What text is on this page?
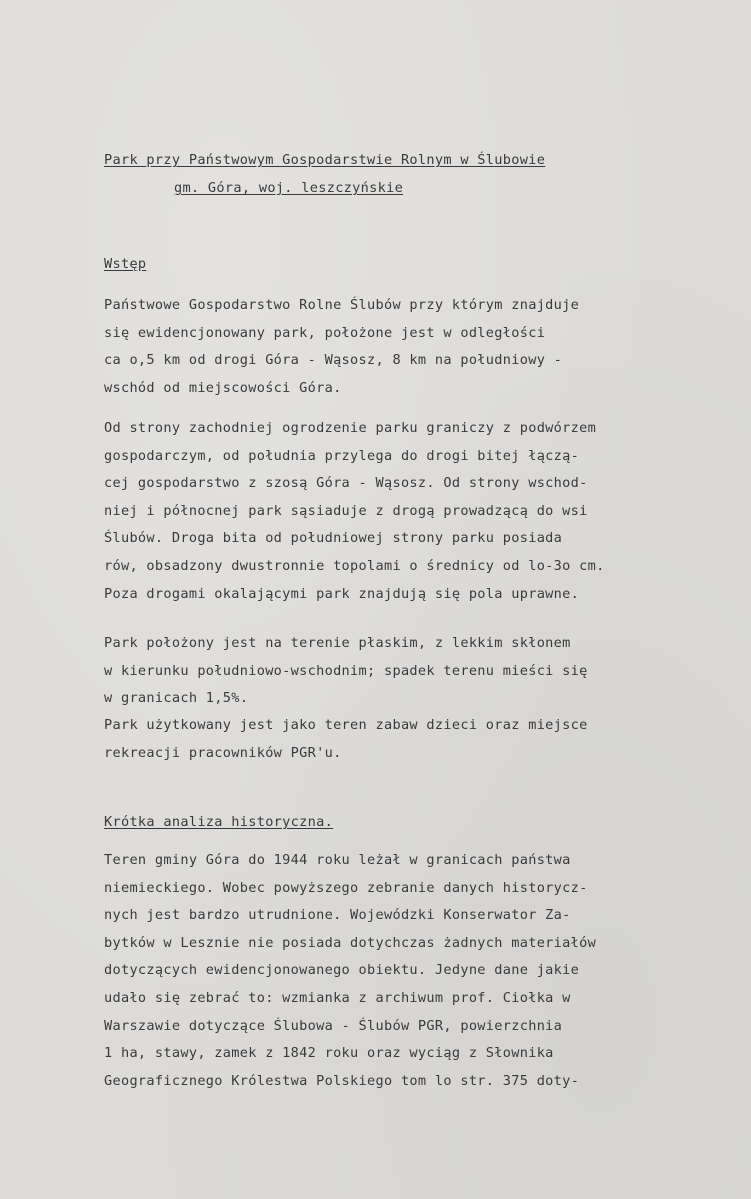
Park przy Państwowym Gospodarstwie Rolnym w Ślubowie
gm. Góra, woj. leszczyńskie
Wstęp
Państwowe Gospodarstwo Rolne Ślubów przy którym znajduje
się ewidencjonowany park, położone jest w odległości
ca o,5 km od drogi Góra - Wąsosz, 8 km na południowy -
wschód od miejscowości Góra.
Od strony zachodniej ogrodzenie parku graniczy z podwórzem
gospodarczym, od południa przylega do drogi bitej łączą-
cej gospodarstwo z szosą Góra - Wąsosz. Od strony wschod-
niej i północnej park sąsiaduje z drogą prowadzącą do wsi
Ślubów. Droga bita od południowej strony parku posiada
rów, obsadzony dwustronnie topolami o średnicy od lo-3o cm.
Poza drogami okalającymi park znajdują się pola uprawne.
Park położony jest na terenie płaskim, z lekkim skłonem
w kierunku południowo-wschodnim; spadek terenu mieści się
w granicach 1,5%.
Park użytkowany jest jako teren zabaw dzieci oraz miejsce
rekreacji pracowników PGR'u.
Krótka analiza historyczna.
Teren gminy Góra do 1944 roku leżał w granicach państwa
niemieckiego. Wobec powyższego zebranie danych historycz-
nych jest bardzo utrudnione. Wojewódzki Konserwator Za-
bytków w Lesznie nie posiada dotychczas żadnych materiałów
dotyczących ewidencjonowanego obiektu. Jedyne dane jakie
udało się zebrać to: wzmianka z archiwum prof. Ciołka w
Warszawie dotyczące Ślubowa - Ślubów PGR, powierzchnia
1 ha, stawy, zamek z 1842 roku oraz wyciąg z Słownika
Geograficznego Królestwa Polskiego tom lo str. 375 doty-
